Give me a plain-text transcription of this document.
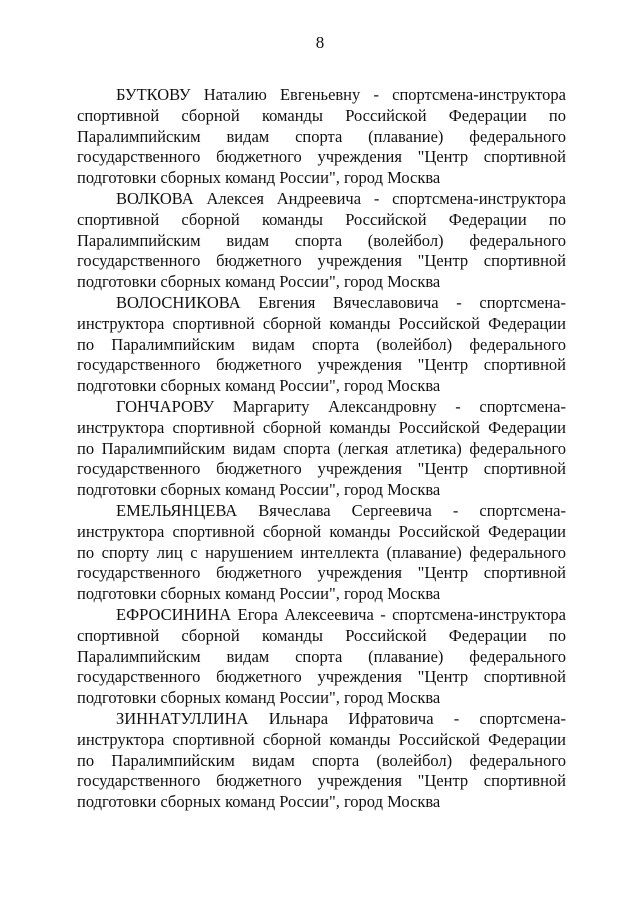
8

БУТКОВУ Наталию Евгеньевну - спортсмена-инструктора спортивной сборной команды Российской Федерации по Паралимпийским видам спорта (плавание) федерального государственного бюджетного учреждения "Центр спортивной подготовки сборных команд России", город Москва

ВОЛКОВА Алексея Андреевича - спортсмена-инструктора спортивной сборной команды Российской Федерации по Паралимпийским видам спорта (волейбол) федерального государственного бюджетного учреждения "Центр спортивной подготовки сборных команд России", город Москва

ВОЛОСНИКОВА Евгения Вячеславовича - спортсмена-инструктора спортивной сборной команды Российской Федерации по Паралимпийским видам спорта (волейбол) федерального государственного бюджетного учреждения "Центр спортивной подготовки сборных команд России", город Москва

ГОНЧАРОВУ Маргариту Александровну - спортсмена-инструктора спортивной сборной команды Российской Федерации по Паралимпийским видам спорта (легкая атлетика) федерального государственного бюджетного учреждения "Центр спортивной подготовки сборных команд России", город Москва

ЕМЕЛЬЯНЦЕВА Вячеслава Сергеевича - спортсмена-инструктора спортивной сборной команды Российской Федерации по спорту лиц с нарушением интеллекта (плавание) федерального государственного бюджетного учреждения "Центр спортивной подготовки сборных команд России", город Москва

ЕФРОСИНИНА Егора Алексеевича - спортсмена-инструктора спортивной сборной команды Российской Федерации по Паралимпийским видам спорта (плавание) федерального государственного бюджетного учреждения "Центр спортивной подготовки сборных команд России", город Москва

ЗИННАТУЛЛИНА Ильнара Ифратовича - спортсмена-инструктора спортивной сборной команды Российской Федерации по Паралимпийским видам спорта (волейбол) федерального государственного бюджетного учреждения "Центр спортивной подготовки сборных команд России", город Москва
